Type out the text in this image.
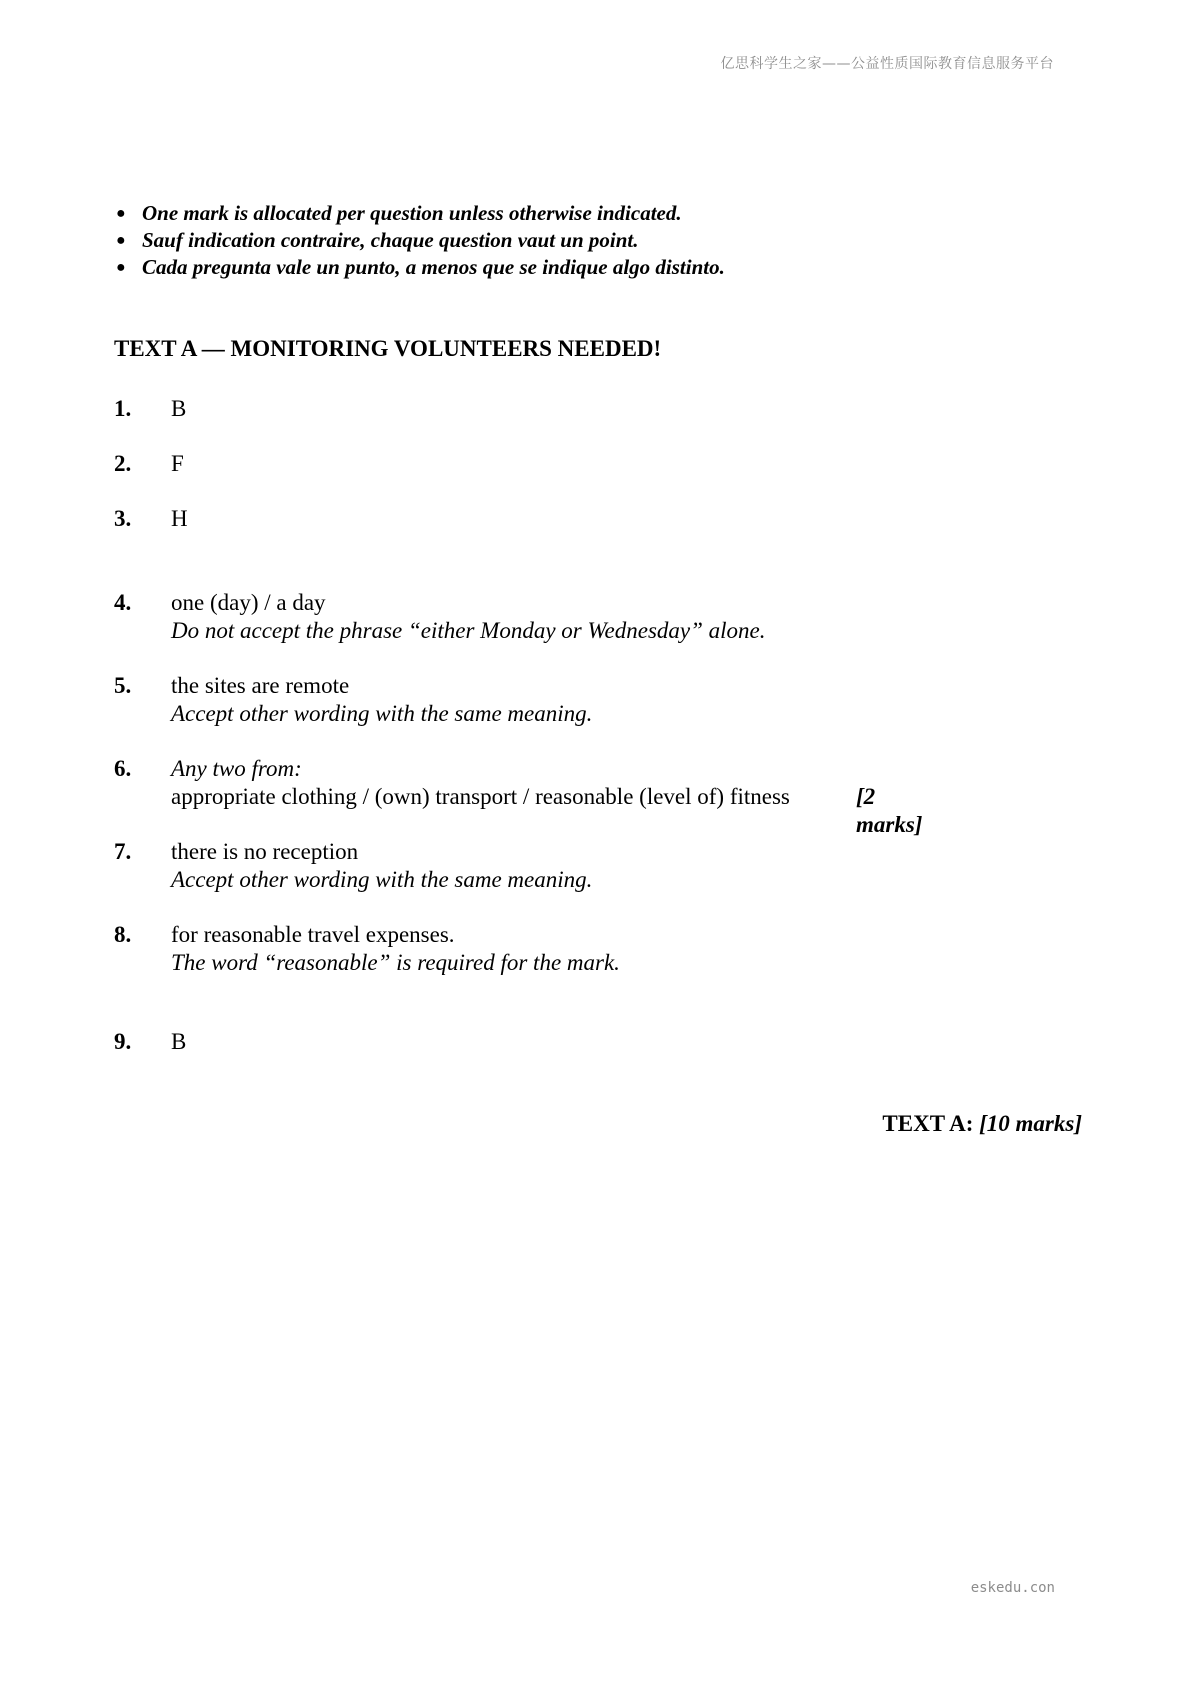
亿思科学生之家——公益性质国际教育信息服务平台
● One mark is allocated per question unless otherwise indicated.
● Sauf indication contraire, chaque question vaut un point.
● Cada pregunta vale un punto, a menos que se indique algo distinto.
TEXT A — MONITORING VOLUNTEERS NEEDED!
1. B
2. F
3. H
4. one (day) / a day
Do not accept the phrase “either Monday or Wednesday” alone.
5. the sites are remote
Accept other wording with the same meaning.
6. Any two from:
appropriate clothing / (own) transport / reasonable (level of) fitness	[2 marks]
7. there is no reception
Accept other wording with the same meaning.
8. for reasonable travel expenses.
The word “reasonable” is required for the mark.
9. B
TEXT A: [10 marks]
eskedu.con
